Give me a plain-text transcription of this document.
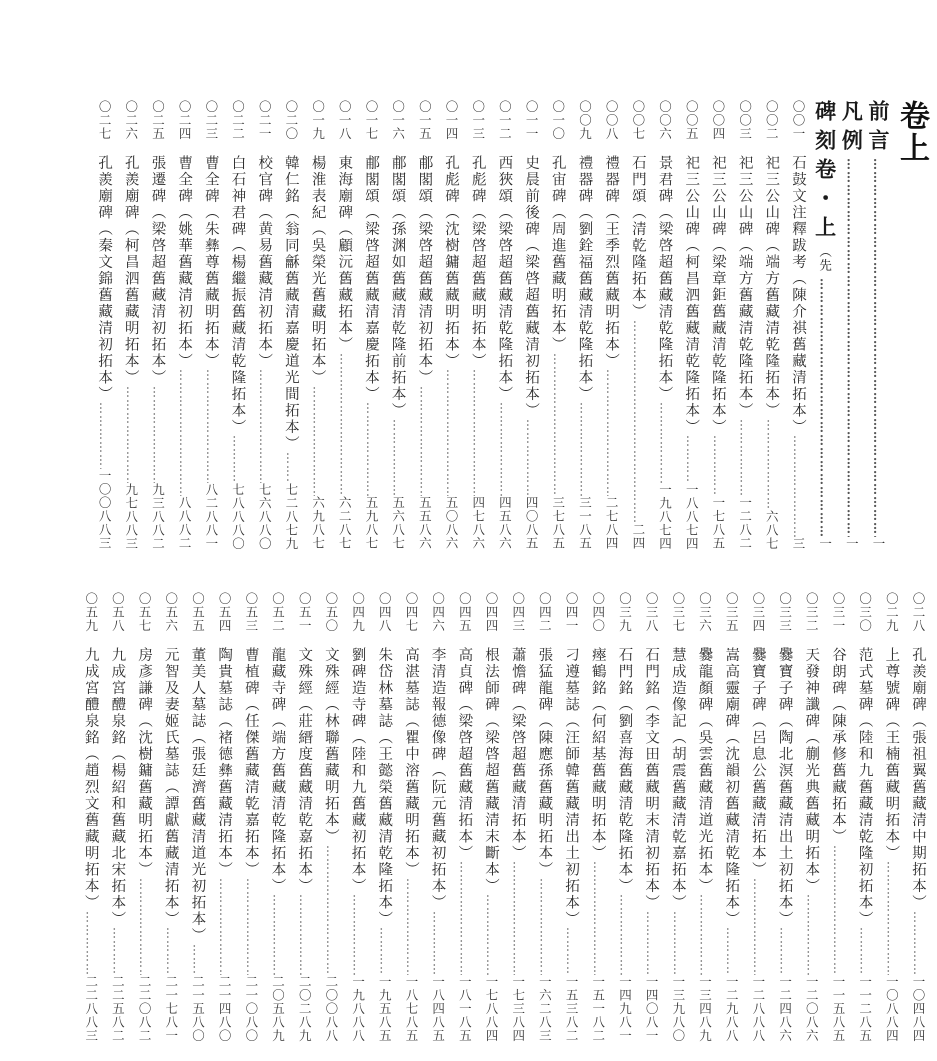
卷上
前言
……………………………………………………………………………………………………………………………………………………
一
凡例
……………………………………………………………………………………………………………………………………………………
一
碑刻卷・上
（先
……………………………………………………………………………………………………………………………………………………
一
〇〇一
石鼓文注釋跋考（陳介祺舊藏清拓本）
……………………………………………………………………………………………………………………………………………………
三
〇〇二
祀三公山碑（端方舊藏清乾隆拓本）
……………………………………………………………………………………………………………………………………………………
六八七
〇〇三
祀三公山碑（端方舊藏清乾隆拓本）
……………………………………………………………………………………………………………………………………………………
一二八二
〇〇四
祀三公山碑（梁章鉅舊藏清乾隆拓本）
……………………………………………………………………………………………………………………………………………………
一七八五
〇〇五
祀三公山碑（柯昌泗舊藏清乾隆拓本）
……………………………………………………………………………………………………………………………………………………
一八八七四
〇〇六
景君碑（梁啓超舊藏清乾隆拓本）
……………………………………………………………………………………………………………………………………………………
一九八七四
〇〇七
石門頌（清乾隆拓本）
……………………………………………………………………………………………………………………………………………………
二四
〇〇八
禮器碑（王季烈舊藏明拓本）
……………………………………………………………………………………………………………………………………………………
二七八四
〇〇九
禮器碑（劉銓福舊藏清乾隆拓本）
……………………………………………………………………………………………………………………………………………………
三一八五
〇一〇
孔宙碑（周進舊藏明拓本）
……………………………………………………………………………………………………………………………………………………
三七八五
〇一一
史晨前後碑（梁啓超舊藏清初拓本）
……………………………………………………………………………………………………………………………………………………
四〇八五
〇一二
西狹頌（梁啓超舊藏清乾隆拓本）
……………………………………………………………………………………………………………………………………………………
四五八六
〇一三
孔彪碑（梁啓超舊藏明拓本）
……………………………………………………………………………………………………………………………………………………
四七八六
〇一四
孔彪碑（沈樹鏞舊藏明拓本）
……………………………………………………………………………………………………………………………………………………
五〇八六
〇一五
郙閣頌（梁啓超舊藏清初拓本）
……………………………………………………………………………………………………………………………………………………
五五八六
〇一六
郙閣頌（孫渊如舊藏清乾隆前拓本）
……………………………………………………………………………………………………………………………………………………
五六八七
〇一七
郙閣頌（梁啓超舊藏清嘉慶拓本）
……………………………………………………………………………………………………………………………………………………
五九八七
〇一八
東海廟碑（顧沅舊藏拓本）
……………………………………………………………………………………………………………………………………………………
六二八七
〇一九
楊淮表紀（吳榮光舊藏明拓本）
……………………………………………………………………………………………………………………………………………………
六九八七
〇二〇
韓仁銘（翁同龢舊藏清嘉慶道光間拓本）
……………………………………………………………………………………………………………………………………………………
七二八七九
〇二一
校官碑（黄易舊藏清初拓本）
……………………………………………………………………………………………………………………………………………………
七六八八〇
〇二二
白石神君碑（楊繼振舊藏清乾隆拓本）
……………………………………………………………………………………………………………………………………………………
七八八八〇
〇二三
曹全碑（朱彝尊舊藏明拓本）
……………………………………………………………………………………………………………………………………………………
八二八八一
〇二四
曹全碑（姚華舊藏清初拓本）
……………………………………………………………………………………………………………………………………………………
八八八二
〇二五
張遷碑（梁啓超舊藏清初拓本）
……………………………………………………………………………………………………………………………………………………
九三八八二
〇二六
孔羨廟碑（柯昌泗舊藏明拓本）
……………………………………………………………………………………………………………………………………………………
九七八八三
〇二七
孔羨廟碑（秦文錦舊藏清初拓本）
……………………………………………………………………………………………………………………………………………………
一〇〇八八三
〇二八
孔羨廟碑（張祖翼舊藏清中期拓本）
……………………………………………………………………………………………………………………………………………………
一〇四八四
〇二九
上尊號碑（王楠舊藏明拓本）
……………………………………………………………………………………………………………………………………………………
一〇八八四
〇三〇
范式墓碑（陸和九舊藏清乾隆初拓本）
……………………………………………………………………………………………………………………………………………………
一一二八五
〇三一
谷朗碑（陳承修舊藏拓本）
……………………………………………………………………………………………………………………………………………………
一一五八五
〇三二
天發神讖碑（蒯光典舊藏明拓本）
……………………………………………………………………………………………………………………………………………………
一二〇八六
〇三三
爨寶子碑（陶北溟舊藏清出土初拓本）
……………………………………………………………………………………………………………………………………………………
一二四八六
〇三四
爨寶子碑（呂息公舊藏清拓本）
……………………………………………………………………………………………………………………………………………………
一二八八八
〇三五
嵩高靈廟碑（沈韻初舊藏清乾隆拓本）
……………………………………………………………………………………………………………………………………………………
一二九八八
〇三六
爨龍顏碑（吳雲舊藏清道光拓本）
……………………………………………………………………………………………………………………………………………………
一三四八九
〇三七
慧成造像記（胡震舊藏清乾嘉拓本）
……………………………………………………………………………………………………………………………………………………
一三九八〇
〇三八
石門銘（李文田舊藏明末清初拓本）
……………………………………………………………………………………………………………………………………………………
一四〇八一
〇三九
石門銘（劉喜海舊藏清乾隆拓本）
……………………………………………………………………………………………………………………………………………………
一四九八一
〇四〇
瘞鶴銘（何紹基舊藏明拓本）
……………………………………………………………………………………………………………………………………………………
一五一八二
〇四一
刁遵墓誌（汪師韓舊藏清出土初拓本）
……………………………………………………………………………………………………………………………………………………
一五三八二
〇四二
張猛龍碑（陳應孫舊藏明拓本）
……………………………………………………………………………………………………………………………………………………
一六二八三
〇四三
蕭憺碑（梁啓超舊藏清拓本）
……………………………………………………………………………………………………………………………………………………
一七三八四
〇四四
根法師碑（梁啓超舊藏清末斷本）
……………………………………………………………………………………………………………………………………………………
一七八八四
〇四五
高貞碑（梁啓超舊藏清拓本）
……………………………………………………………………………………………………………………………………………………
一八一八五
〇四六
李清造報德像碑（阮元舊藏初拓本）
……………………………………………………………………………………………………………………………………………………
一八四八五
〇四七
高湛墓誌（瞿中溶舊藏明拓本）
……………………………………………………………………………………………………………………………………………………
一八七八五
〇四八
朱岱林墓誌（王懿榮舊藏清乾隆拓本）
……………………………………………………………………………………………………………………………………………………
一九五八五
〇四九
劉碑造寺碑（陸和九舊藏初拓本）
……………………………………………………………………………………………………………………………………………………
一九八八八
〇五〇
文殊經（林聯舊藏明拓本）
……………………………………………………………………………………………………………………………………………………
二〇〇八八
〇五一
文殊經（莊縉度舊藏清乾嘉拓本）
……………………………………………………………………………………………………………………………………………………
二〇二八九
〇五二
龍藏寺碑（端方舊藏清乾隆拓本）
……………………………………………………………………………………………………………………………………………………
二〇五八九
〇五三
曹植碑（任傑舊藏清乾嘉拓本）
……………………………………………………………………………………………………………………………………………………
二一〇八〇
〇五四
陶貴墓誌（褚德彝舊藏清拓本）
……………………………………………………………………………………………………………………………………………………
二一四八〇
〇五五
董美人墓誌（張廷濟舊藏清道光初拓本）
……………………………………………………………………………………………………………………………………………………
二一五八〇
〇五六
元智及妻姬氏墓誌（譚獻舊藏清拓本）
……………………………………………………………………………………………………………………………………………………
二一七八一
〇五七
房彥謙碑（沈樹鏞舊藏明拓本）
……………………………………………………………………………………………………………………………………………………
二二〇八二
〇五八
九成宮醴泉銘（楊紹和舊藏北宋拓本）
……………………………………………………………………………………………………………………………………………………
二二五八二
〇五九
九成宮醴泉銘（趙烈文舊藏明拓本）
……………………………………………………………………………………………………………………………………………………
二二八八三
